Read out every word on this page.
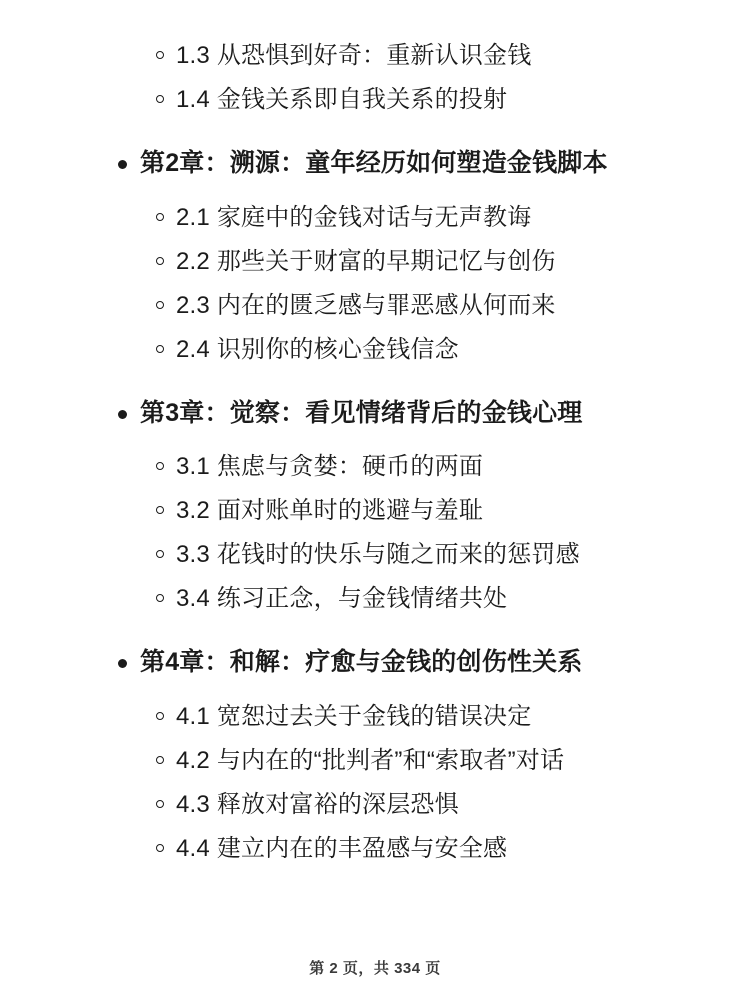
1.3 从恐惧到好奇：重新认识金钱
1.4 金钱关系即自我关系的投射
第2章：溯源：童年经历如何塑造金钱脚本
2.1 家庭中的金钱对话与无声教诲
2.2 那些关于财富的早期记忆与创伤
2.3 内在的匮乏感与罪恶感从何而来
2.4 识别你的核心金钱信念
第3章：觉察：看见情绪背后的金钱心理
3.1 焦虑与贪婪：硬币的两面
3.2 面对账单时的逃避与羞耻
3.3 花钱时的快乐与随之而来的惩罚感
3.4 练习正念，与金钱情绪共处
第4章：和解：疗愈与金钱的创伤性关系
4.1 宽恕过去关于金钱的错误决定
4.2 与内在的“批判者”和“索取者”对话
4.3 释放对富裕的深层恐惧
4.4 建立内在的丰盈感与安全感
第 2 页，共 334 页
